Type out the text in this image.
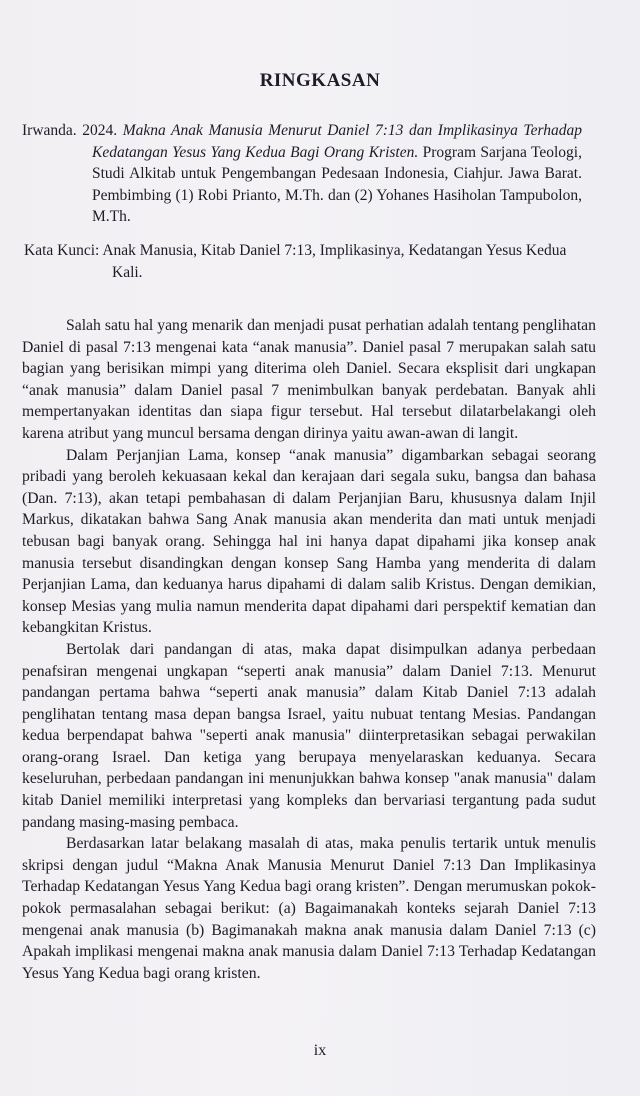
RINGKASAN
Irwanda. 2024. Makna Anak Manusia Menurut Daniel 7:13 dan Implikasinya Terhadap Kedatangan Yesus Yang Kedua Bagi Orang Kristen. Program Sarjana Teologi, Studi Alkitab untuk Pengembangan Pedesaan Indonesia, Ciahjur. Jawa Barat. Pembimbing (1) Robi Prianto, M.Th. dan (2) Yohanes Hasiholan Tampubolon, M.Th.
Kata Kunci: Anak Manusia, Kitab Daniel 7:13, Implikasinya, Kedatangan Yesus Kedua Kali.

Salah satu hal yang menarik dan menjadi pusat perhatian adalah tentang penglihatan Daniel di pasal 7:13 mengenai kata “anak manusia”. Daniel pasal 7 merupakan salah satu bagian yang berisikan mimpi yang diterima oleh Daniel. Secara eksplisit dari ungkapan “anak manusia” dalam Daniel pasal 7 menimbulkan banyak perdebatan. Banyak ahli mempertanyakan identitas dan siapa figur tersebut. Hal tersebut dilatarbelakangi oleh karena atribut yang muncul bersama dengan dirinya yaitu awan-awan di langit.

Dalam Perjanjian Lama, konsep “anak manusia” digambarkan sebagai seorang pribadi yang beroleh kekuasaan kekal dan kerajaan dari segala suku, bangsa dan bahasa (Dan. 7:13), akan tetapi pembahasan di dalam Perjanjian Baru, khususnya dalam Injil Markus, dikatakan bahwa Sang Anak manusia akan menderita dan mati untuk menjadi tebusan bagi banyak orang. Sehingga hal ini hanya dapat dipahami jika konsep anak manusia tersebut disandingkan dengan konsep Sang Hamba yang menderita di dalam Perjanjian Lama, dan keduanya harus dipahami di dalam salib Kristus. Dengan demikian, konsep Mesias yang mulia namun menderita dapat dipahami dari perspektif kematian dan kebangkitan Kristus.

Bertolak dari pandangan di atas, maka dapat disimpulkan adanya perbedaan penafsiran mengenai ungkapan “seperti anak manusia” dalam Daniel 7:13. Menurut pandangan pertama bahwa “seperti anak manusia” dalam Kitab Daniel 7:13 adalah penglihatan tentang masa depan bangsa Israel, yaitu nubuat tentang Mesias. Pandangan kedua berpendapat bahwa "seperti anak manusia" diinterpretasikan sebagai perwakilan orang-orang Israel. Dan ketiga yang berupaya menyelaraskan keduanya. Secara keseluruhan, perbedaan pandangan ini menunjukkan bahwa konsep "anak manusia" dalam kitab Daniel memiliki interpretasi yang kompleks dan bervariasi tergantung pada sudut pandang masing-masing pembaca.

Berdasarkan latar belakang masalah di atas, maka penulis tertarik untuk menulis skripsi dengan judul “Makna Anak Manusia Menurut Daniel 7:13 Dan Implikasinya Terhadap Kedatangan Yesus Yang Kedua bagi orang kristen”. Dengan merumuskan pokok-pokok permasalahan sebagai berikut: (a) Bagaimanakah konteks sejarah Daniel 7:13 mengenai anak manusia (b) Bagimanakah makna anak manusia dalam Daniel 7:13 (c) Apakah implikasi mengenai makna anak manusia dalam Daniel 7:13 Terhadap Kedatangan Yesus Yang Kedua bagi orang kristen.

ix
